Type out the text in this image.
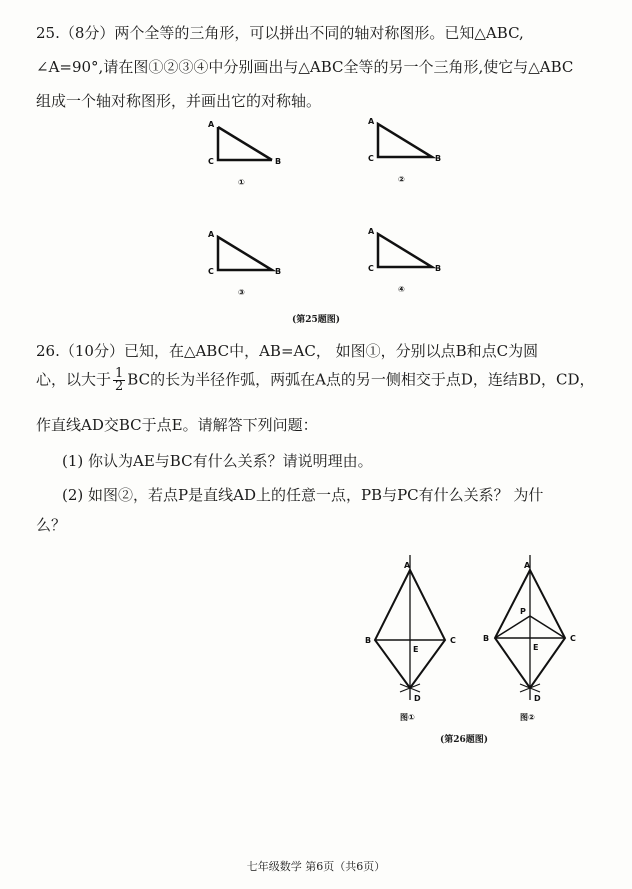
25.（8分）两个全等的三角形，可以拼出不同的轴对称图形。已知△ABC,
∠A=90°,请在图①②③④中分别画出与△ABC全等的另一个三角形,使它与△ABC
组成一个轴对称图形，并画出它的对称轴。
A
C	B
①
A
C	B
②
A
C	B
③
A
C	B
④
(第25题图)
26.（10分）已知，在△ABC中，AB=AC， 如图①，分别以点B和点C为圆
心，以大于 $\frac{1}{2}$ BC的长为半径作弧，两弧在A点的另一侧相交于点D，连结BD，CD，
作直线AD交BC于点E。请解答下列问题：
(1) 你认为AE与BC有什么关系？请说明理由。
(2) 如图②，若点P是直线AD上的任意一点，PB与PC有什么关系？ 为什
么？
A
B	C
E
D
图①
A
P
B	C
E
D
图②
(第26题图)
七年级数学 第6页（共6页）
